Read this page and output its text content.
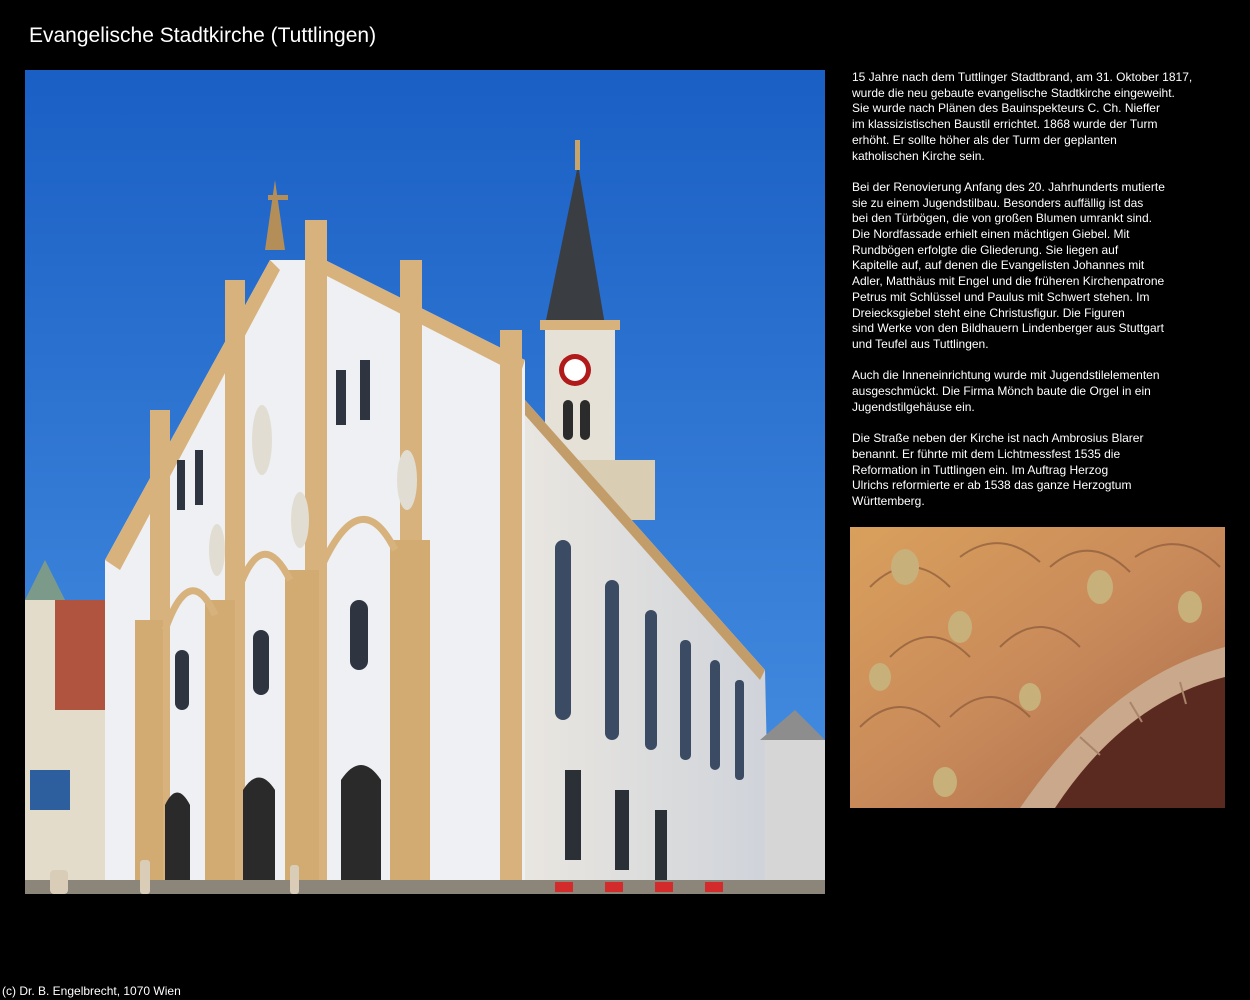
Evangelische Stadtkirche (Tuttlingen)

15 Jahre nach dem Tuttlinger Stadtbrand, am 31. Oktober 1817,
wurde die neu gebaute evangelische Stadtkirche eingeweiht.
Sie wurde nach Plänen des Bauinspekteurs C. Ch. Nieffer
im klassizistischen Baustil errichtet. 1868 wurde der Turm
erhöht. Er sollte höher als der Turm der geplanten
katholischen Kirche sein.

Bei der Renovierung Anfang des 20. Jahrhunderts mutierte
sie zu einem Jugendstilbau. Besonders auffällig ist das
bei den Türbögen, die von großen Blumen umrankt sind.
Die Nordfassade erhielt einen mächtigen Giebel. Mit
Rundbögen erfolgte die Gliederung. Sie liegen auf
Kapitelle auf, auf denen die Evangelisten Johannes mit
Adler, Matthäus mit Engel und die früheren Kirchenpatrone
Petrus mit Schlüssel und Paulus mit Schwert stehen. Im
Dreiecksgiebel steht eine Christusfigur. Die Figuren
sind Werke von den Bildhauern Lindenberger aus Stuttgart
und Teufel aus Tuttlingen.

Auch die Inneneinrichtung wurde mit Jugendstilelementen
ausgeschmückt. Die Firma Mönch baute die Orgel in ein
Jugendstilgehäuse ein.

Die Straße neben der Kirche ist nach Ambrosius Blarer
benannt. Er führte mit dem Lichtmessfest 1535 die
Reformation in Tuttlingen ein. Im Auftrag Herzog
Ulrichs reformierte er ab 1538 das ganze Herzogtum
Württemberg.

(c) Dr. B. Engelbrecht, 1070 Wien
